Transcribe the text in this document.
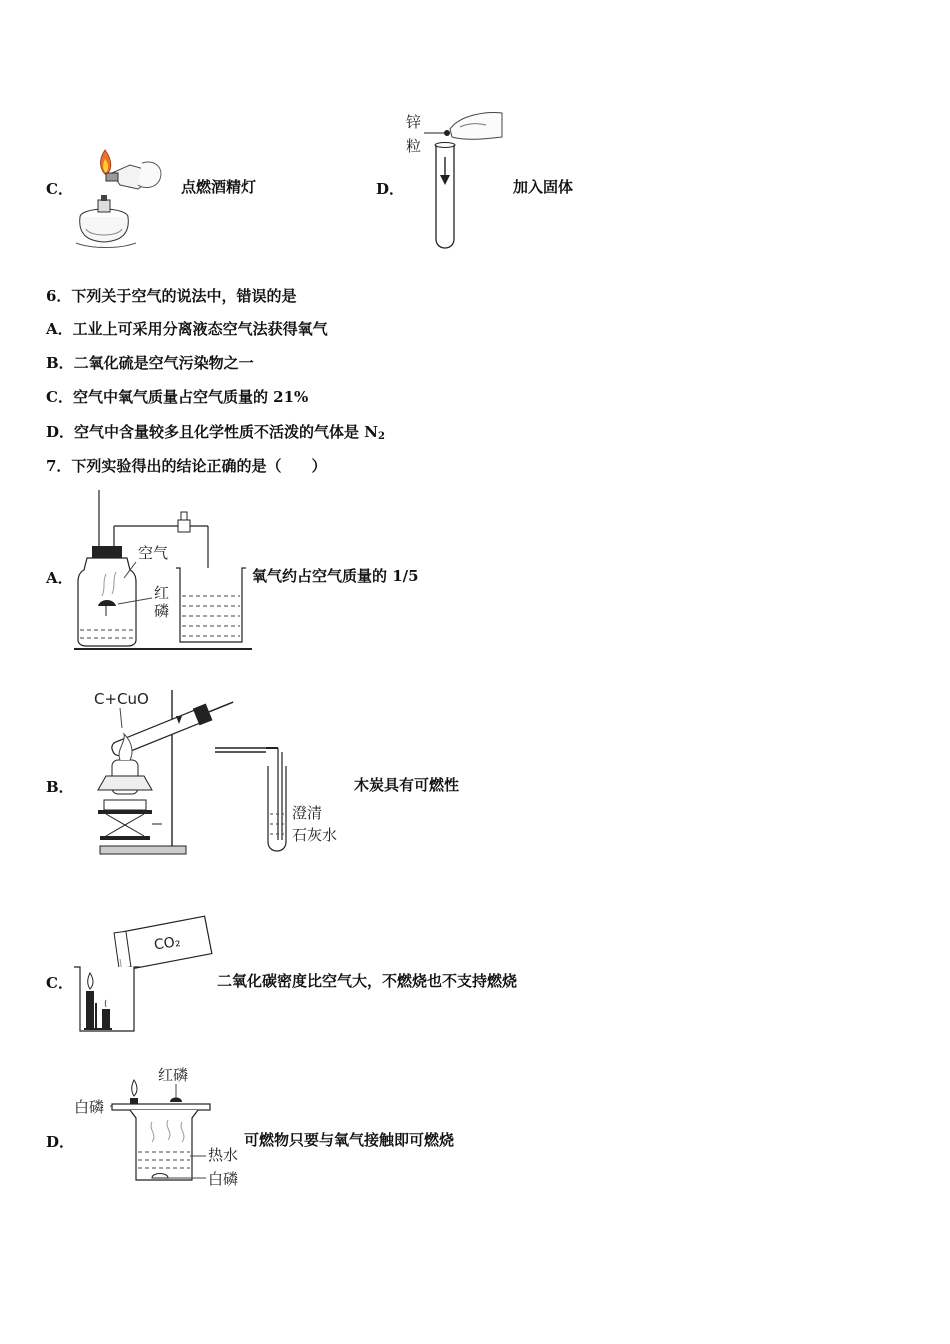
C．	点燃酒精灯	D．
锌
粒
加入固体
6．下列关于空气的说法中，错误的是
A．工业上可采用分离液态空气法获得氧气
B．二氧化硫是空气污染物之一
C．空气中氧气质量占空气质量的 21%
D．空气中含量较多且化学性质不活泼的气体是 $N_2$
7．下列实验得出的结论正确的是（　　）
A．
空气
红
磷
氧气约占空气质量的 1/5
B．
C+CuO
澄清
石灰水
木炭具有可燃性
C．
CO₂
二氧化碳密度比空气大，不燃烧也不支持燃烧
D．
红磷
白磷
热水
白磷
可燃物只要与氧气接触即可燃烧
